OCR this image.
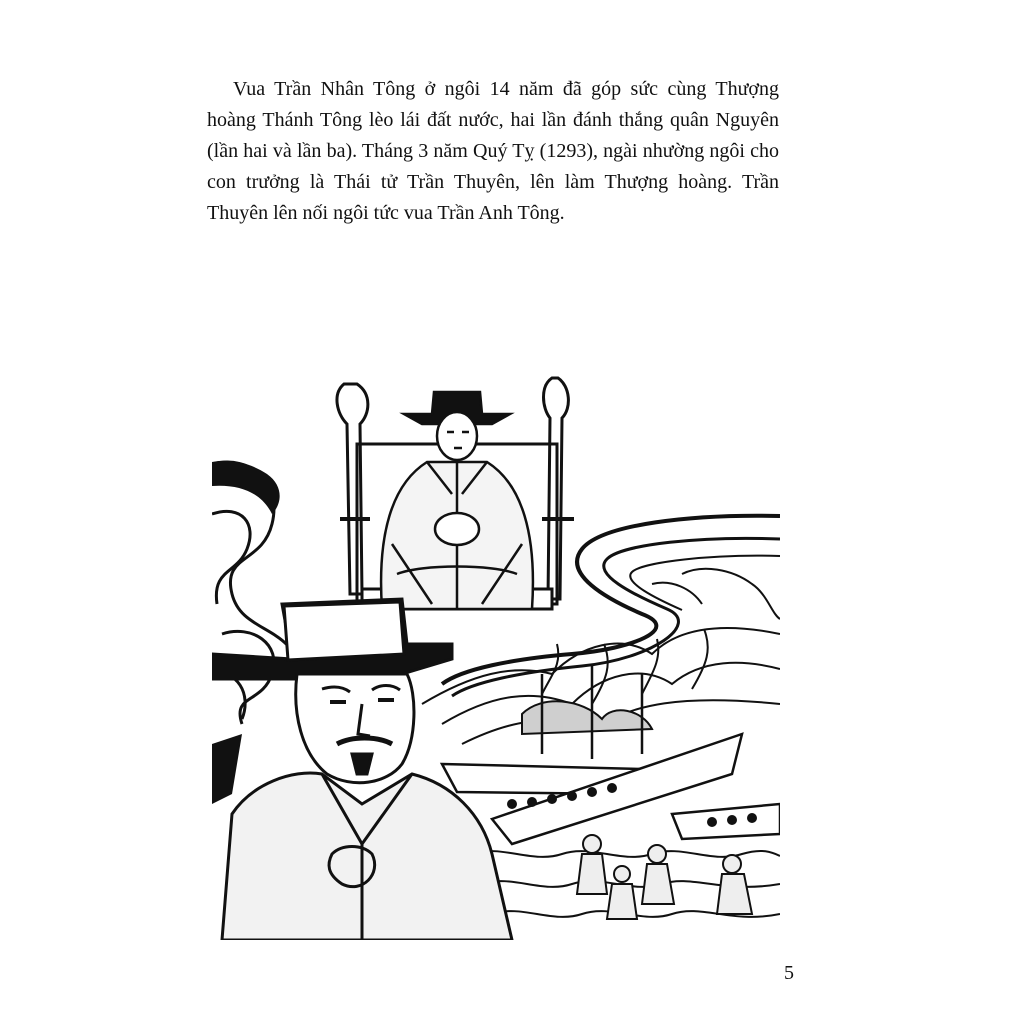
Vua Trần Nhân Tông ở ngôi 14 năm đã góp sức cùng Thượng hoàng Thánh Tông lèo lái đất nước, hai lần đánh thắng quân Nguyên (lần hai và lần ba). Tháng 3 năm Quý Tỵ (1293), ngài nhường ngôi cho con trưởng là Thái tử Trần Thuyên, lên làm Thượng hoàng. Trần Thuyên lên nối ngôi tức vua Trần Anh Tông.

5
